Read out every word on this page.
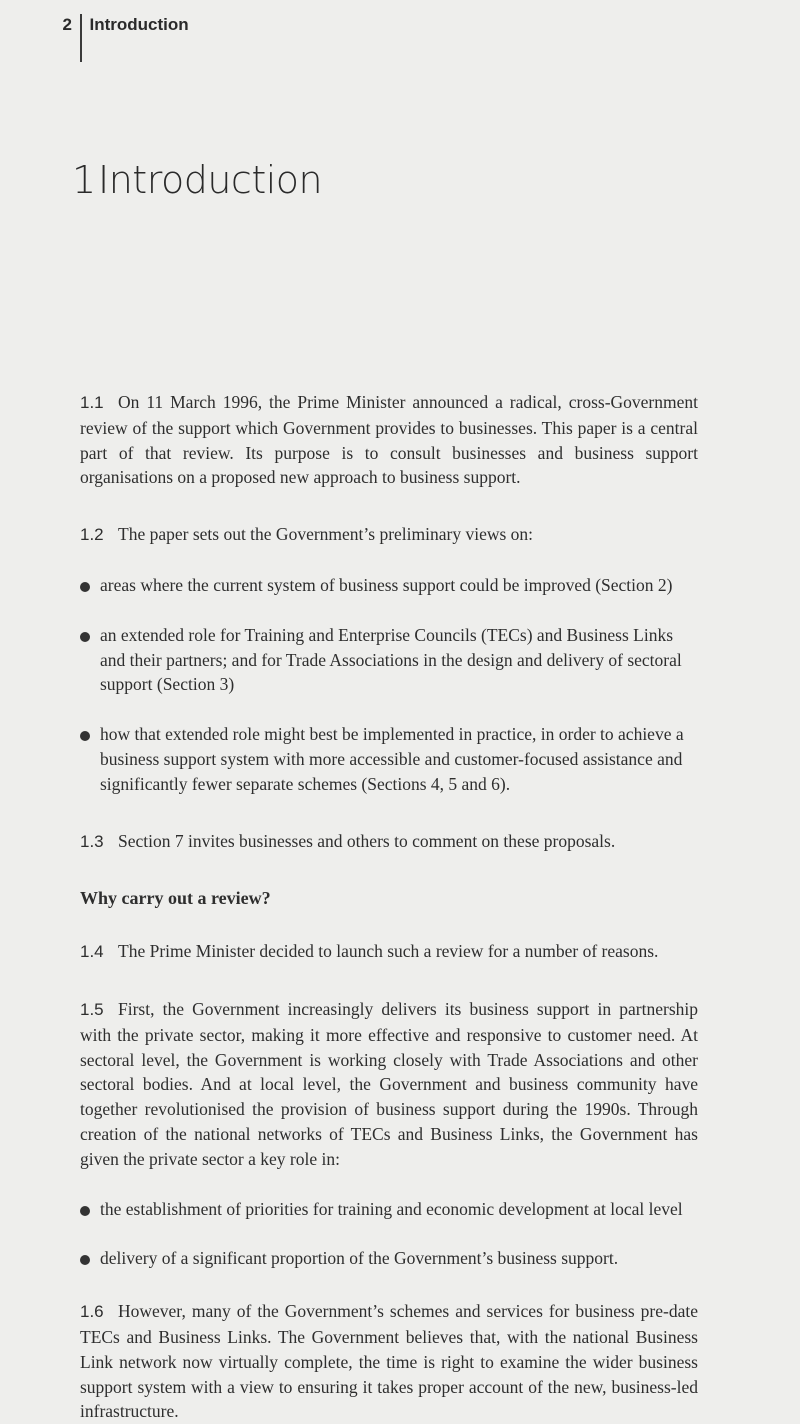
2	Introduction
1 Introduction

1.1 On 11 March 1996, the Prime Minister announced a radical, cross-Government review of the support which Government provides to businesses. This paper is a central part of that review. Its purpose is to consult businesses and business support organisations on a proposed new approach to business support.

1.2 The paper sets out the Government’s preliminary views on:

areas where the current system of business support could be improved (Section 2)

an extended role for Training and Enterprise Councils (TECs) and Business Links and their partners; and for Trade Associations in the design and delivery of sectoral support (Section 3)

how that extended role might best be implemented in practice, in order to achieve a business support system with more accessible and customer-focused assistance and significantly fewer separate schemes (Sections 4, 5 and 6).

1.3 Section 7 invites businesses and others to comment on these proposals.

Why carry out a review?

1.4 The Prime Minister decided to launch such a review for a number of reasons.

1.5 First, the Government increasingly delivers its business support in partnership with the private sector, making it more effective and responsive to customer need. At sectoral level, the Government is working closely with Trade Associations and other sectoral bodies. And at local level, the Government and business community have together revolutionised the provision of business support during the 1990s. Through creation of the national networks of TECs and Business Links, the Government has given the private sector a key role in:

the establishment of priorities for training and economic development at local level

delivery of a significant proportion of the Government’s business support.

1.6 However, many of the Government’s schemes and services for business pre-date TECs and Business Links. The Government believes that, with the national Business Link network now virtually complete, the time is right to examine the wider business support system with a view to ensuring it takes proper account of the new, business-led infrastructure.
